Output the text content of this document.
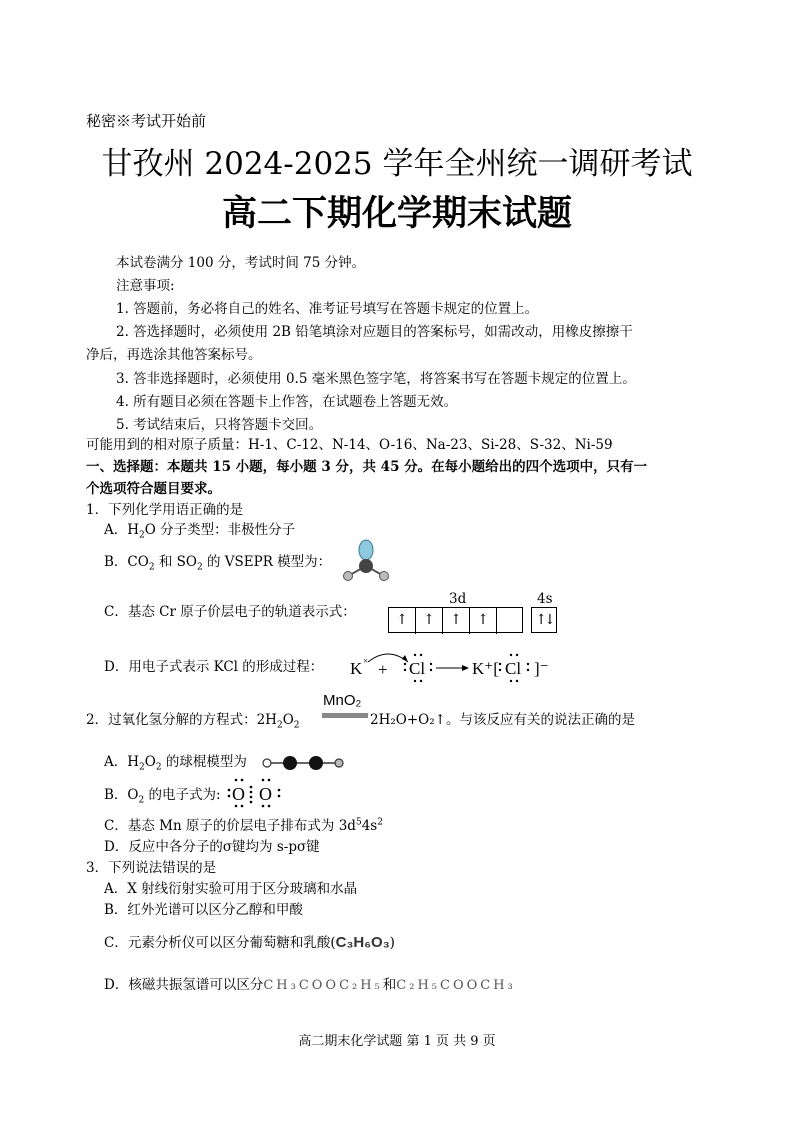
秘密※考试开始前
甘孜州 2024-2025 学年全州统一调研考试
高二下期化学期末试题
本试卷满分 100 分，考试时间 75 分钟。
注意事项:
1. 答题前，务必将自己的姓名、准考证号填写在答题卡规定的位置上。
2. 答选择题时，必须使用 2B 铅笔填涂对应题目的答案标号，如需改动，用橡皮擦擦干
净后，再选涂其他答案标号。
3. 答非选择题时，必须使用 0.5 毫米黑色签字笔，将答案书写在答题卡规定的位置上。
4. 所有题目必须在答题卡上作答，在试题卷上答题无效。
5. 考试结束后，只将答题卡交回。
可能用到的相对原子质量：H-1、C-12、N-14、O-16、Na-23、Si-28、S-32、Ni-59
一、选择题：本题共 15 小题，每小题 3 分，共 45 分。在每小题给出的四个选项中，只有一
个选项符合题目要求。
1．下列化学用语正确的是
A．$H_2O$ 分子类型：非极性分子
B．$CO_2$ 和 $SO_2$ 的 VSEPR 模型为：
C．基态 Cr 原子价层电子的轨道表示式：
3d	4s
↑	↑	↑	↑	↑↓
D．用电子式表示 KCl 的形成过程： K × + Cl	K⁺[ Cl ]⁻
2．过氧化氢分解的方程式：$2H_2O_2$
MnO₂
2H₂O+O₂↑。与该反应有关的说法正确的是
A．$H_2O_2$ 的球棍模型为
B．$O_2$ 的电子式为: O O
C．基态 Mn 原子的价层电子排布式为 $3d^54s^2$
D．反应中各分子的σ键均为 s-pσ键
3．下列说法错误的是
A．X 射线衍射实验可用于区分玻璃和水晶
B．红外光谱可以区分乙醇和甲酸
C．元素分析仪可以区分葡萄糖和乳酸(C₃H₆O₃)
D．核磁共振氢谱可以区分CH₃COOC₂H₅和C₂H₅COOCH₃
高二期末化学试题 第 1 页 共 9 页
